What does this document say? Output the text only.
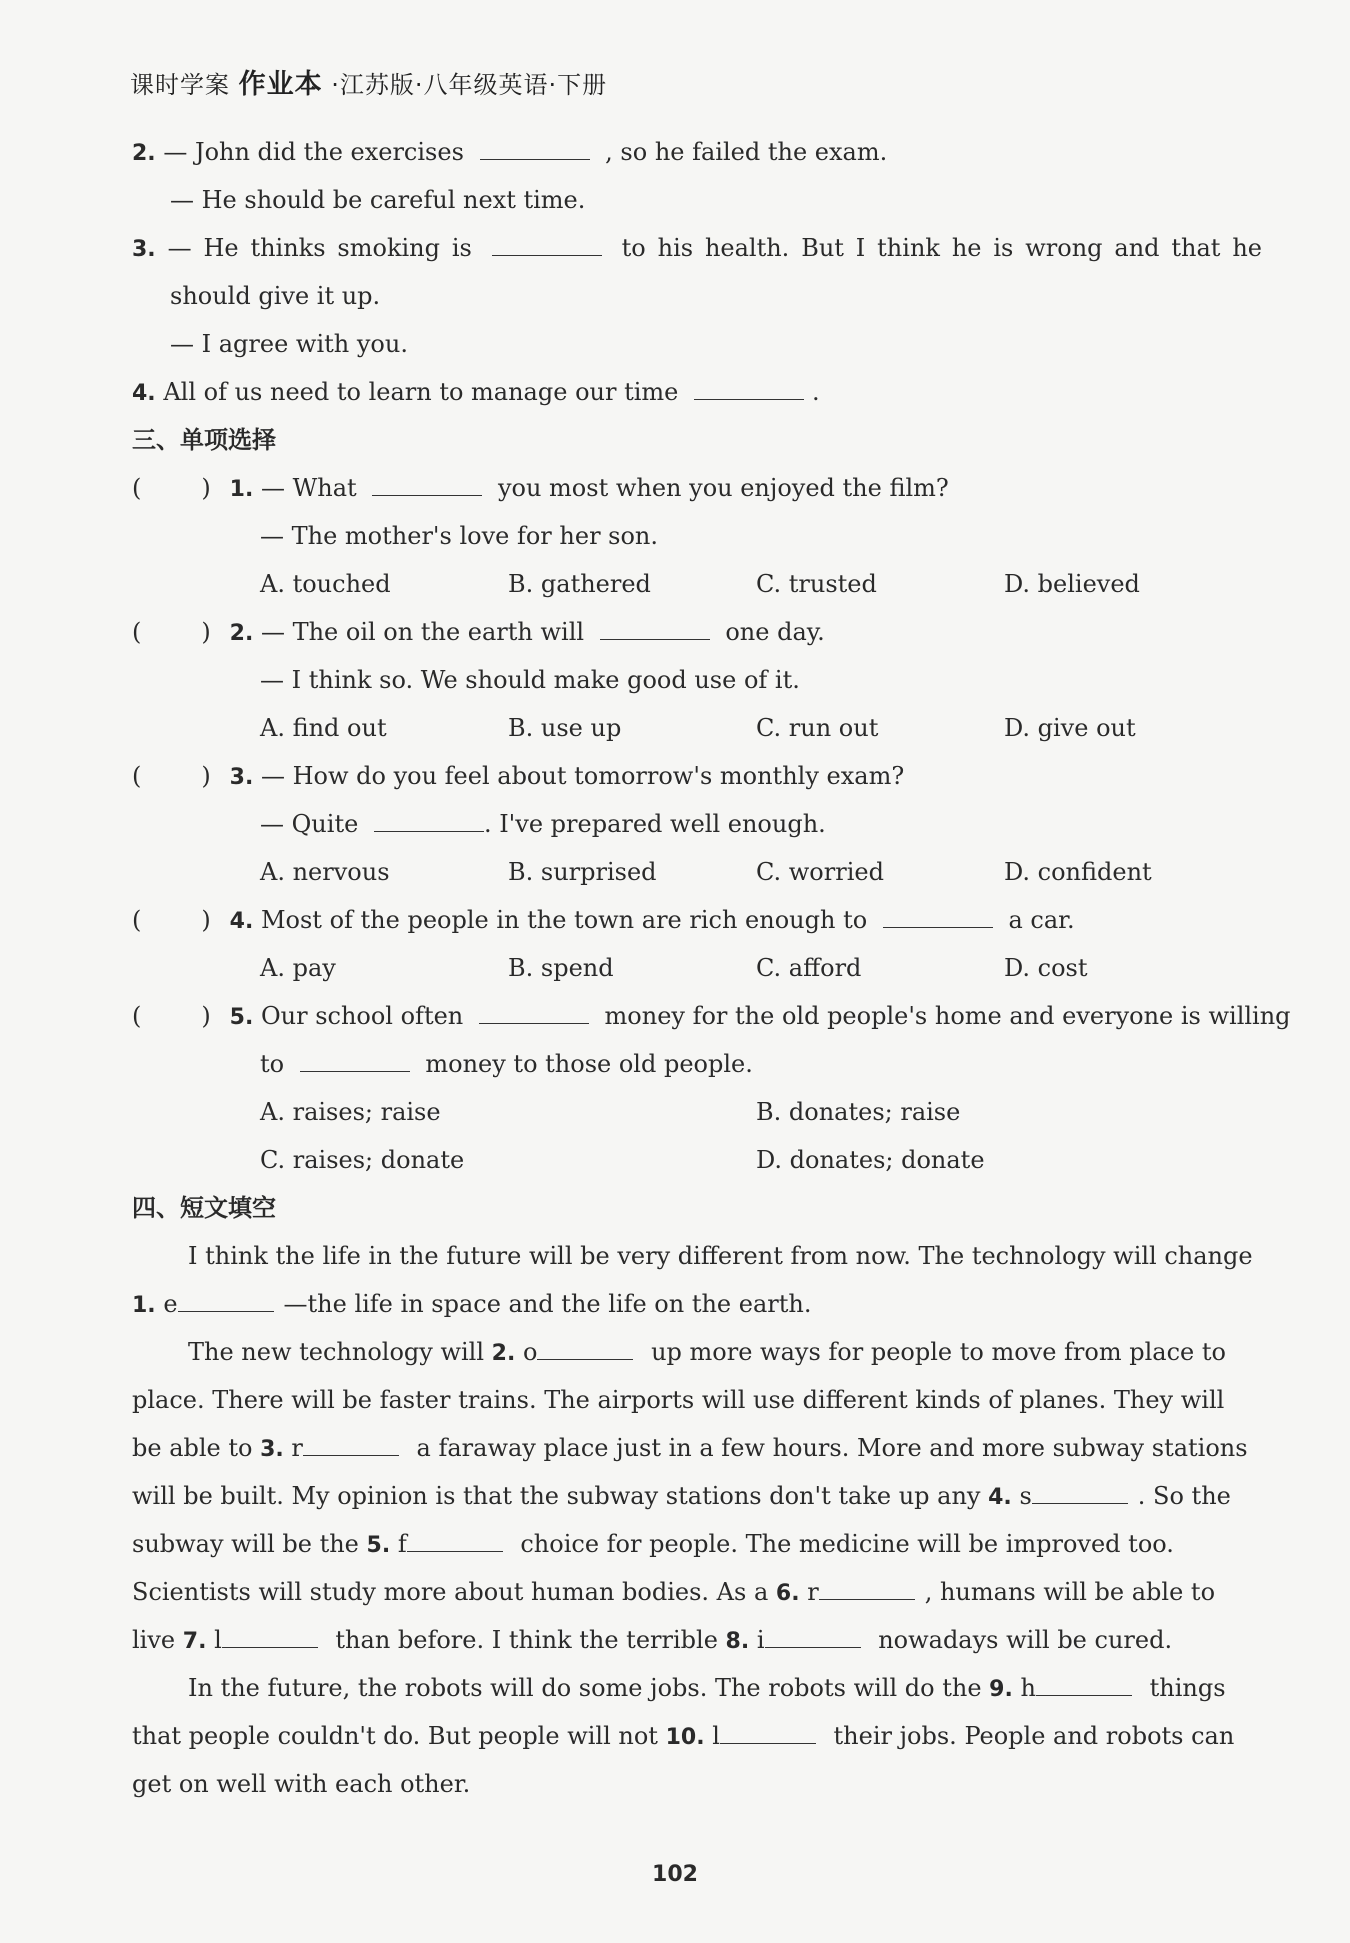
课时学案 作业本 ·江苏版·八年级英语·下册
2. — John did the exercises	, so he failed the exam.
— He should be careful next time.
3. — He thinks smoking is	to his health. But I think he is wrong and that he
should give it up.
— I agree with you.
4. All of us need to learn to manage our time	.
三、单项选择
(	) 1. — What	you most when you enjoyed the film?
— The mother's love for her son.
A. touched	B. gathered	C. trusted	D. believed
(	) 2. — The oil on the earth will	one day.
— I think so. We should make good use of it.
A. find out	B. use up	C. run out	D. give out
(	) 3. — How do you feel about tomorrow's monthly exam?
— Quite	. I've prepared well enough.
A. nervous	B. surprised	C. worried	D. confident
(	) 4. Most of the people in the town are rich enough to	a car.
A. pay	B. spend	C. afford	D. cost
(	) 5. Our school often	money for the old people's home and everyone is willing
to	money to those old people.
A. raises; raise	B. donates; raise
C. raises; donate	D. donates; donate
四、短文填空
I think the life in the future will be very different from now. The technology will change
1. e	—the life in space and the life on the earth.
The new technology will 2. o	up more ways for people to move from place to
place. There will be faster trains. The airports will use different kinds of planes. They will
be able to 3. r	a faraway place just in a few hours. More and more subway stations
will be built. My opinion is that the subway stations don't take up any 4. s	. So the
subway will be the 5. f	choice for people. The medicine will be improved too.
Scientists will study more about human bodies. As a 6. r	, humans will be able to
live 7. l	than before. I think the terrible 8. i	nowadays will be cured.
In the future, the robots will do some jobs. The robots will do the 9. h	things
that people couldn't do. But people will not 10. l	their jobs. People and robots can
get on well with each other.
102
